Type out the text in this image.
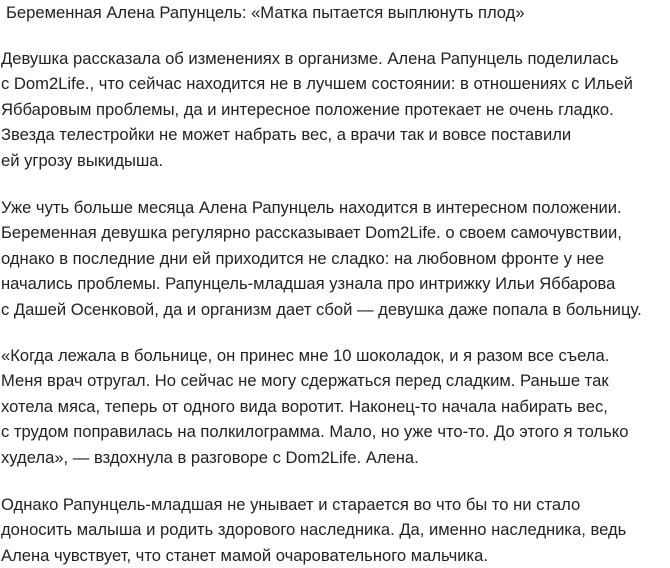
Беременная Алена Рапунцель: «Матка пытается выплюнуть плод»

Девушка рассказала об изменениях в организме. Алена Рапунцель поделилась
с Dom2Life., что сейчас находится не в лучшем состоянии: в отношениях с Ильей
Яббаровым проблемы, да и интересное положение протекает не очень гладко.
Звезда телестройки не может набрать вес, а врачи так и вовсе поставили
ей угрозу выкидыша.

Уже чуть больше месяца Алена Рапунцель находится в интересном положении.
Беременная девушка регулярно рассказывает Dom2Life. о своем самочувствии,
однако в последние дни ей приходится не сладко: на любовном фронте у нее
начались проблемы. Рапунцель-младшая узнала про интрижку Ильи Яббарова
с Дашей Осенковой, да и организм дает сбой — девушка даже попала в больницу.

«Когда лежала в больнице, он принес мне 10 шоколадок, и я разом все съела.
Меня врач отругал. Но сейчас не могу сдержаться перед сладким. Раньше так
хотела мяса, теперь от одного вида воротит. Наконец-то начала набирать вес,
с трудом поправилась на полкилограмма. Мало, но уже что-то. До этого я только
худела», — вздохнула в разговоре с Dom2Life. Алена.

Однако Рапунцель-младшая не унывает и старается во что бы то ни стало
доносить малыша и родить здорового наследника. Да, именно наследника, ведь
Алена чувствует, что станет мамой очаровательного мальчика.
